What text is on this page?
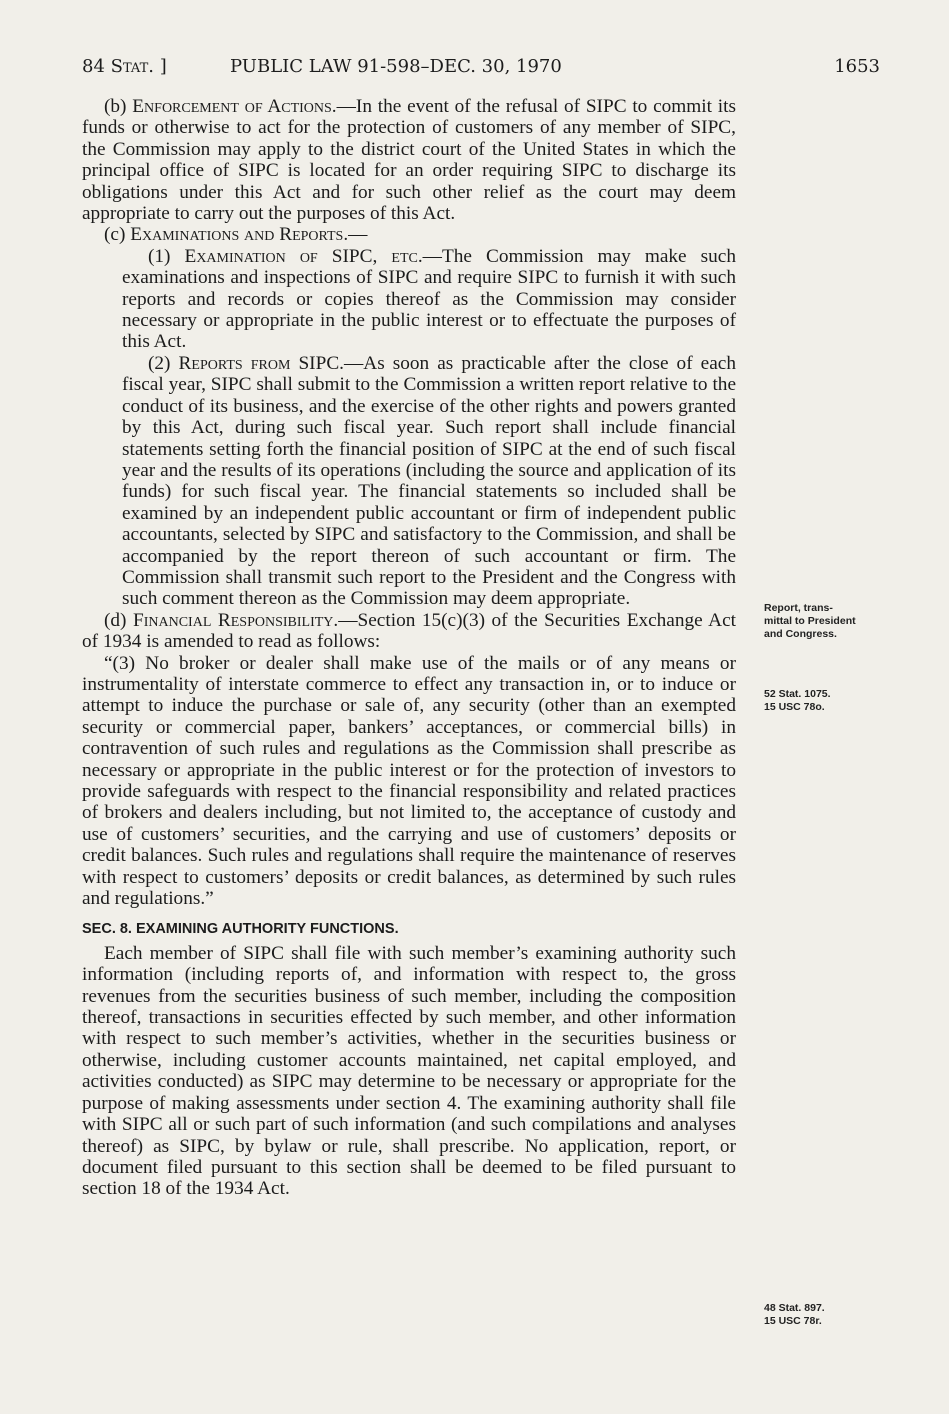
84 Stat. ]	PUBLIC LAW 91-598–DEC. 30, 1970	1653

(b) Enforcement of Actions.—In the event of the refusal of SIPC to commit its funds or otherwise to act for the protection of customers of any member of SIPC, the Commission may apply to the district court of the United States in which the principal office of SIPC is located for an order requiring SIPC to discharge its obligations under this Act and for such other relief as the court may deem appropriate to carry out the purposes of this Act.

(c) Examinations and Reports.—

(1) Examination of SIPC, etc.—The Commission may make such examinations and inspections of SIPC and require SIPC to furnish it with such reports and records or copies thereof as the Commission may consider necessary or appropriate in the public interest or to effectuate the purposes of this Act.

(2) Reports from SIPC.—As soon as practicable after the close of each fiscal year, SIPC shall submit to the Commission a written report relative to the conduct of its business, and the exercise of the other rights and powers granted by this Act, during such fiscal year. Such report shall include financial statements setting forth the financial position of SIPC at the end of such fiscal year and the results of its operations (including the source and application of its funds) for such fiscal year. The financial statements so included shall be examined by an independent public accountant or firm of independent public accountants, selected by SIPC and satisfactory to the Commission, and shall be accompanied by the report thereon of such accountant or firm. The Commission shall transmit such report to the President and the Congress with such comment thereon as the Commission may deem appropriate.

(d) Financial Responsibility.—Section 15(c)(3) of the Securities Exchange Act of 1934 is amended to read as follows:

“(3) No broker or dealer shall make use of the mails or of any means or instrumentality of interstate commerce to effect any transaction in, or to induce or attempt to induce the purchase or sale of, any security (other than an exempted security or commercial paper, bankers’ acceptances, or commercial bills) in contravention of such rules and regulations as the Commission shall prescribe as necessary or appropriate in the public interest or for the protection of investors to provide safeguards with respect to the financial responsibility and related practices of brokers and dealers including, but not limited to, the acceptance of custody and use of customers’ securities, and the carrying and use of customers’ deposits or credit balances. Such rules and regulations shall require the maintenance of reserves with respect to customers’ deposits or credit balances, as determined by such rules and regulations.”

SEC. 8. EXAMINING AUTHORITY FUNCTIONS.

Each member of SIPC shall file with such member’s examining authority such information (including reports of, and information with respect to, the gross revenues from the securities business of such member, including the composition thereof, transactions in securities effected by such member, and other information with respect to such member’s activities, whether in the securities business or otherwise, including customer accounts maintained, net capital employed, and activities conducted) as SIPC may determine to be necessary or appropriate for the purpose of making assessments under section 4. The examining authority shall file with SIPC all or such part of such information (and such compilations and analyses thereof) as SIPC, by bylaw or rule, shall prescribe. No application, report, or document filed pursuant to this section shall be deemed to be filed pursuant to section 18 of the 1934 Act.

Report, trans-
mittal to President
and Congress.
52 Stat. 1075.
15 USC 78o.
48 Stat. 897.
15 USC 78r.
